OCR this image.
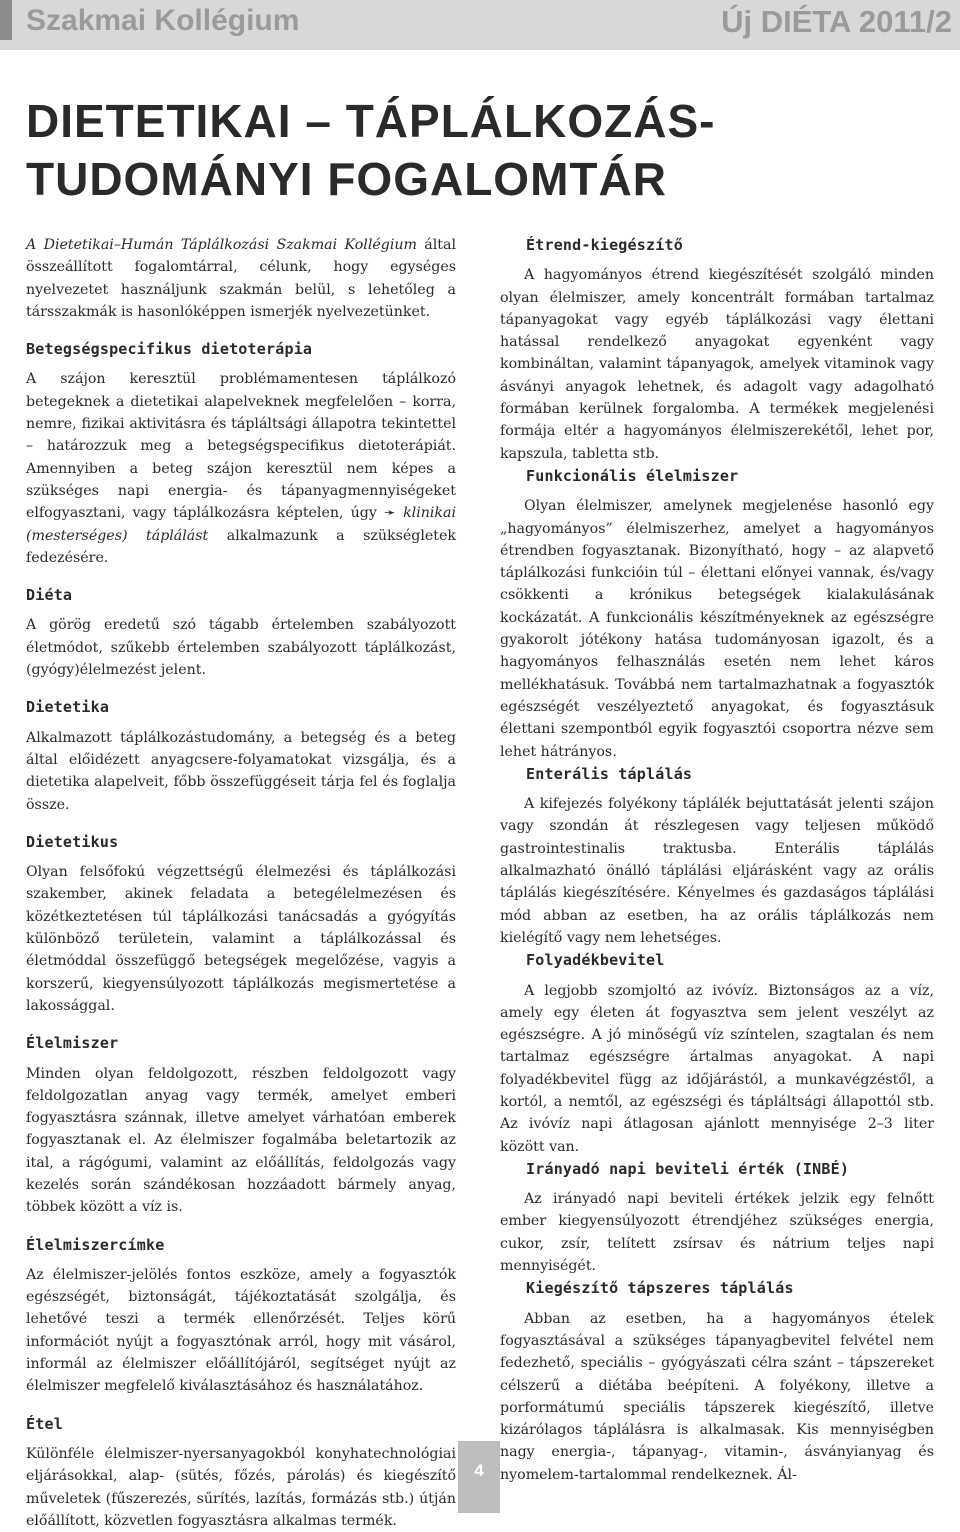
Szakmai Kollégium	Új DIÉTA 2011/2
DIETETIKAI – TÁPLÁLKOZÁS-
TUDOMÁNYI FOGALOMTÁR

A Dietetikai–Humán Táplálkozási Szakmai Kollégium által összeállított fogalomtárral, célunk, hogy egységes nyelvezetet használjunk szakmán belül, s lehetőleg a társszakmák is hasonlóképpen ismerjék nyelvezetünket.

Betegségspecifikus dietoterápia

A szájon keresztül problémamentesen táplálkozó betegeknek a dietetikai alapelveknek megfelelően – korra, nemre, fizikai aktivitásra és tápláltsági állapotra tekintettel – határozzuk meg a betegségspecifikus dietoterápiát. Amennyiben a beteg szájon keresztül nem képes a szükséges napi energia- és tápanyagmennyiségeket elfogyasztani, vagy táplálkozásra képtelen, úgy ➛ klinikai (mesterséges) táplálást alkalmazunk a szükségletek fedezésére.

Diéta

A görög eredetű szó tágabb értelemben szabályozott életmódot, szűkebb értelemben szabályozott táplálkozást, (gyógy)élelmezést jelent.

Dietetika

Alkalmazott táplálkozástudomány, a betegség és a beteg által előidézett anyagcsere-folyamatokat vizsgálja, és a dietetika alapelveit, főbb összefüggéseit tárja fel és foglalja össze.

Dietetikus

Olyan felsőfokú végzettségű élelmezési és táplálkozási szakember, akinek feladata a betegélelmezésen és közétkeztetésen túl táplálkozási tanácsadás a gyógyítás különböző területein, valamint a táplálkozással és életmóddal összefüggő betegségek megelőzése, vagyis a korszerű, kiegyensúlyozott táplálkozás megismertetése a lakossággal.

Élelmiszer

Minden olyan feldolgozott, részben feldolgozott vagy feldolgozatlan anyag vagy termék, amelyet emberi fogyasztásra szánnak, illetve amelyet várhatóan emberek fogyasztanak el. Az élelmiszer fogalmába beletartozik az ital, a rágógumi, valamint az előállítás, feldolgozás vagy kezelés során szándékosan hozzáadott bármely anyag, többek között a víz is.

Élelmiszercímke

Az élelmiszer-jelölés fontos eszköze, amely a fogyasztók egészségét, biztonságát, tájékoztatását szolgálja, és lehetővé teszi a termék ellenőrzését. Teljes körű információt nyújt a fogyasztónak arról, hogy mit vásárol, informál az élelmiszer előállítójáról, segítséget nyújt az élelmiszer megfelelő kiválasztásához és használatához.

Étel

Különféle élelmiszer-nyersanyagokból konyhatechnológiai eljárásokkal, alap- (sütés, főzés, párolás) és kiegészítő műveletek (fűszerezés, sűrítés, lazítás, formázás stb.) útján előállított, közvetlen fogyasztásra alkalmas termék.

Étrend-kiegészítő

A hagyományos étrend kiegészítését szolgáló minden olyan élelmiszer, amely koncentrált formában tartalmaz tápanyagokat vagy egyéb táplálkozási vagy élettani hatással rendelkező anyagokat egyenként vagy kombináltan, valamint tápanyagok, amelyek vitaminok vagy ásványi anyagok lehetnek, és adagolt vagy adagolható formában kerülnek forgalomba. A termékek megjelenési formája eltér a hagyományos élelmiszerekétől, lehet por, kapszula, tabletta stb.

Funkcionális élelmiszer

Olyan élelmiszer, amelynek megjelenése hasonló egy „hagyományos” élelmiszerhez, amelyet a hagyományos étrendben fogyasztanak. Bizonyítható, hogy – az alapvető táplálkozási funkcióin túl – élettani előnyei vannak, és/vagy csökkenti a krónikus betegségek kialakulásának kockázatát. A funkcionális készítményeknek az egészségre gyakorolt jótékony hatása tudományosan igazolt, és a hagyományos felhasználás esetén nem lehet káros mellékhatásuk. Továbbá nem tartalmazhatnak a fogyasztók egészségét veszélyeztető anyagokat, és fogyasztásuk élettani szempontból egyik fogyasztói csoportra nézve sem lehet hátrányos.

Enterális táplálás

A kifejezés folyékony táplálék bejuttatását jelenti szájon vagy szondán át részlegesen vagy teljesen működő gastrointestinalis traktusba. Enterális táplálás alkalmazható önálló táplálási eljárásként vagy az orális táplálás kiegészítésére. Kényelmes és gazdaságos táplálási mód abban az esetben, ha az orális táplálkozás nem kielégítő vagy nem lehetséges.

Folyadékbevitel

A legjobb szomjoltó az ivóvíz. Biztonságos az a víz, amely egy életen át fogyasztva sem jelent veszélyt az egészségre. A jó minőségű víz színtelen, szagtalan és nem tartalmaz egészségre ártalmas anyagokat. A napi folyadékbevitel függ az időjárástól, a munkavégzéstől, a kortól, a nemtől, az egészségi és tápláltsági állapottól stb. Az ivóvíz napi átlagosan ajánlott mennyisége 2–3 liter között van.

Irányadó napi beviteli érték (INBÉ)

Az irányadó napi beviteli értékek jelzik egy felnőtt ember kiegyensúlyozott étrendjéhez szükséges energia, cukor, zsír, telített zsírsav és nátrium teljes napi mennyiségét.

Kiegészítő tápszeres táplálás

Abban az esetben, ha a hagyományos ételek fogyasztásával a szükséges tápanyagbevitel felvétel nem fedezhető, speciális – gyógyászati célra szánt – tápszereket célszerű a diétába beépíteni. A folyékony, illetve a porformátumú speciális tápszerek kiegészítő, illetve kizárólagos táplálásra is alkalmasak. Kis mennyiségben nagy energia-, tápanyag-, vitamin-, ásványianyag és nyomelem-tartalommal rendelkeznek. Ál-

4
